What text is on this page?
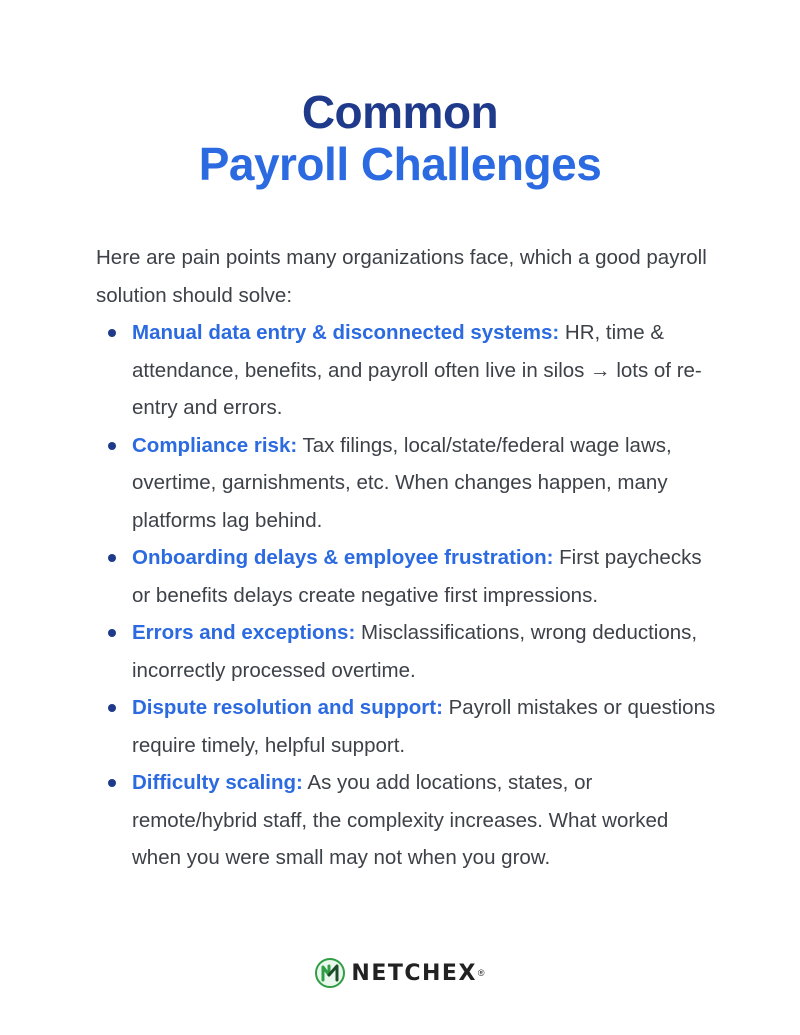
Common
Payroll Challenges

Here are pain points many organizations face, which a good payroll solution should solve:

Manual data entry & disconnected systems: HR, time & attendance, benefits, and payroll often live in silos → lots of re-entry and errors.
Compliance risk: Tax filings, local/state/federal wage laws, overtime, garnishments, etc. When changes happen, many platforms lag behind.
Onboarding delays & employee frustration: First paychecks or benefits delays create negative first impressions.
Errors and exceptions: Misclassifications, wrong deductions, incorrectly processed overtime.
Dispute resolution and support: Payroll mistakes or questions require timely, helpful support.
Difficulty scaling: As you add locations, states, or remote/hybrid staff, the complexity increases. What worked when you were small may not when you grow.
NETCHEX ®
